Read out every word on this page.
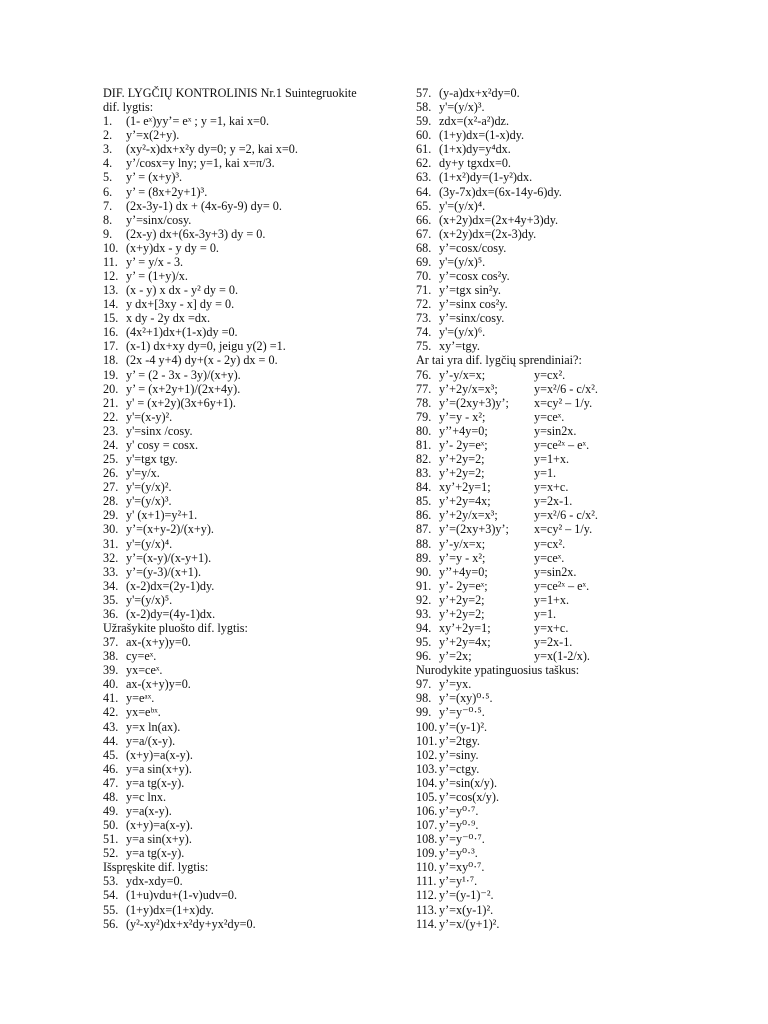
DIF. LYGČIŲ KONTROLINIS Nr.1 Suintegruokite
dif. lygtis:
1. (1- eˣ)yy’= eˣ ; y =1, kai x=0.
2. y’=x(2+y).
3. (xy²-x)dx+x²y dy=0; y =2, kai x=0.
4. y’/cosx=y lny; y=1, kai x=π/3.
5. y’ = (x+y)³.
6. y’ = (8x+2y+1)³.
7. (2x-3y-1) dx + (4x-6y-9) dy= 0.
8. y’=sinx/cosy.
9. (2x-y) dx+(6x-3y+3) dy = 0.
10. (x+y)dx - y dy = 0.
11. y’ = y/x - 3.
12. y’ = (1+y)/x.
13. (x - y) x dx - y² dy = 0.
14. y dx+[3xy - x] dy = 0.
15. x dy - 2y dx =dx.
16. (4x²+1)dx+(1-x)dy =0.
17. (x-1) dx+xy dy=0, jeigu y(2) =1.
18. (2x -4 y+4) dy+(x - 2y) dx = 0.
19. y’ = (2 - 3x - 3y)/(x+y).
20. y’ = (x+2y+1)/(2x+4y).
21. y' = (x+2y)(3x+6y+1).
22. y'=(x-y)².
23. y'=sinx /cosy.
24. y' cosy = cosx.
25. y'=tgx tgy.
26. y'=y/x.
27. y'=(y/x)².
28. y'=(y/x)³.
29. y' (x+1)=y²+1.
30. y’=(x+y-2)/(x+y).
31. y'=(y/x)⁴.
32. y’=(x-y)/(x-y+1).
33. y’=(y-3)/(x+1).
34. (x-2)dx=(2y-1)dy.
35. y'=(y/x)⁵.
36. (x-2)dy=(4y-1)dx.
Užrašykite pluošto dif. lygtis:
37. ax-(x+y)y=0.
38. cy=eˣ.
39. yx=ceˣ.
40. ax-(x+y)y=0.
41. y=eᵃˣ.
42. yx=eᵇˣ.
43. y=x ln(ax).
44. y=a/(x-y).
45. (x+y)=a(x-y).
46. y=a sin(x+y).
47. y=a tg(x-y).
48. y=c lnx.
49. y=a(x-y).
50. (x+y)=a(x-y).
51. y=a sin(x+y).
52. y=a tg(x-y).
Išspręskite dif. lygtis:
53. ydx-xdy=0.
54. (1+u)vdu+(1-v)udv=0.
55. (1+y)dx=(1+x)dy.
56. (y²-xy²)dx+x²dy+yx²dy=0.
57. (y-a)dx+x²dy=0.
58. y'=(y/x)³.
59. zdx=(x²-a²)dz.
60. (1+y)dx=(1-x)dy.
61. (1+x)dy=y⁴dx.
62. dy+y tgxdx=0.
63. (1+x²)dy=(1-y²)dx.
64. (3y-7x)dx=(6x-14y-6)dy.
65. y'=(y/x)⁴.
66. (x+2y)dx=(2x+4y+3)dy.
67. (x+2y)dx=(2x-3)dy.
68. y’=cosx/cosy.
69. y'=(y/x)⁵.
70. y’=cosx cos²y.
71. y’=tgx sin²y.
72. y’=sinx cos²y.
73. y’=sinx/cosy.
74. y'=(y/x)⁶.
75. xy’=tgy.
Ar tai yra dif. lygčių sprendiniai?:
76. y’-y/x=x;	y=cx².
77. y’+2y/x=x³;	y=x²/6 - c/x².
78. y’=(2xy+3)y’; x=cy² – 1/y.
79. y’=y - x²;	y=ceˣ.
80. y’’+4y=0;	y=sin2x.
81. y’- 2y=eˣ;	y=ce²ˣ – eˣ.
82. y’+2y=2;	y=1+x.
83. y’+2y=2;	y=1.
84. xy’+2y=1;	y=x+c.
85. y’+2y=4x;	y=2x-1.
86. y’+2y/x=x³;	y=x²/6 - c/x².
87. y’=(2xy+3)y’; x=cy² – 1/y.
88. y’-y/x=x;	y=cx².
89. y’=y - x²;	y=ceˣ.
90. y’’+4y=0;	y=sin2x.
91. y’- 2y=eˣ;	y=ce²ˣ – eˣ.
92. y’+2y=2;	y=1+x.
93. y’+2y=2;	y=1.
94. xy’+2y=1;	y=x+c.
95. y’+2y=4x;	y=2x-1.
96. y’=2x;	y=x(1-2/x).
Nurodykite ypatinguosius taškus:
97. y’=yx.
98. y’=(xy)⁰·⁵.
99. y’=y⁻⁰·⁵.
100. y’=(y-1)².
101. y’=2tgy.
102. y’=siny.
103. y’=ctgy.
104. y’=sin(x/y).
105. y’=cos(x/y).
106. y’=y⁰·⁷.
107. y’=y⁰·⁹.
108. y’=y⁻⁰·⁷.
109. y’=y⁰·³.
110. y’=xy⁰·⁷.
111. y’=y¹·⁷.
112. y’=(y-1)⁻².
113. y’=x(y-1)².
114. y’=x/(y+1)².
